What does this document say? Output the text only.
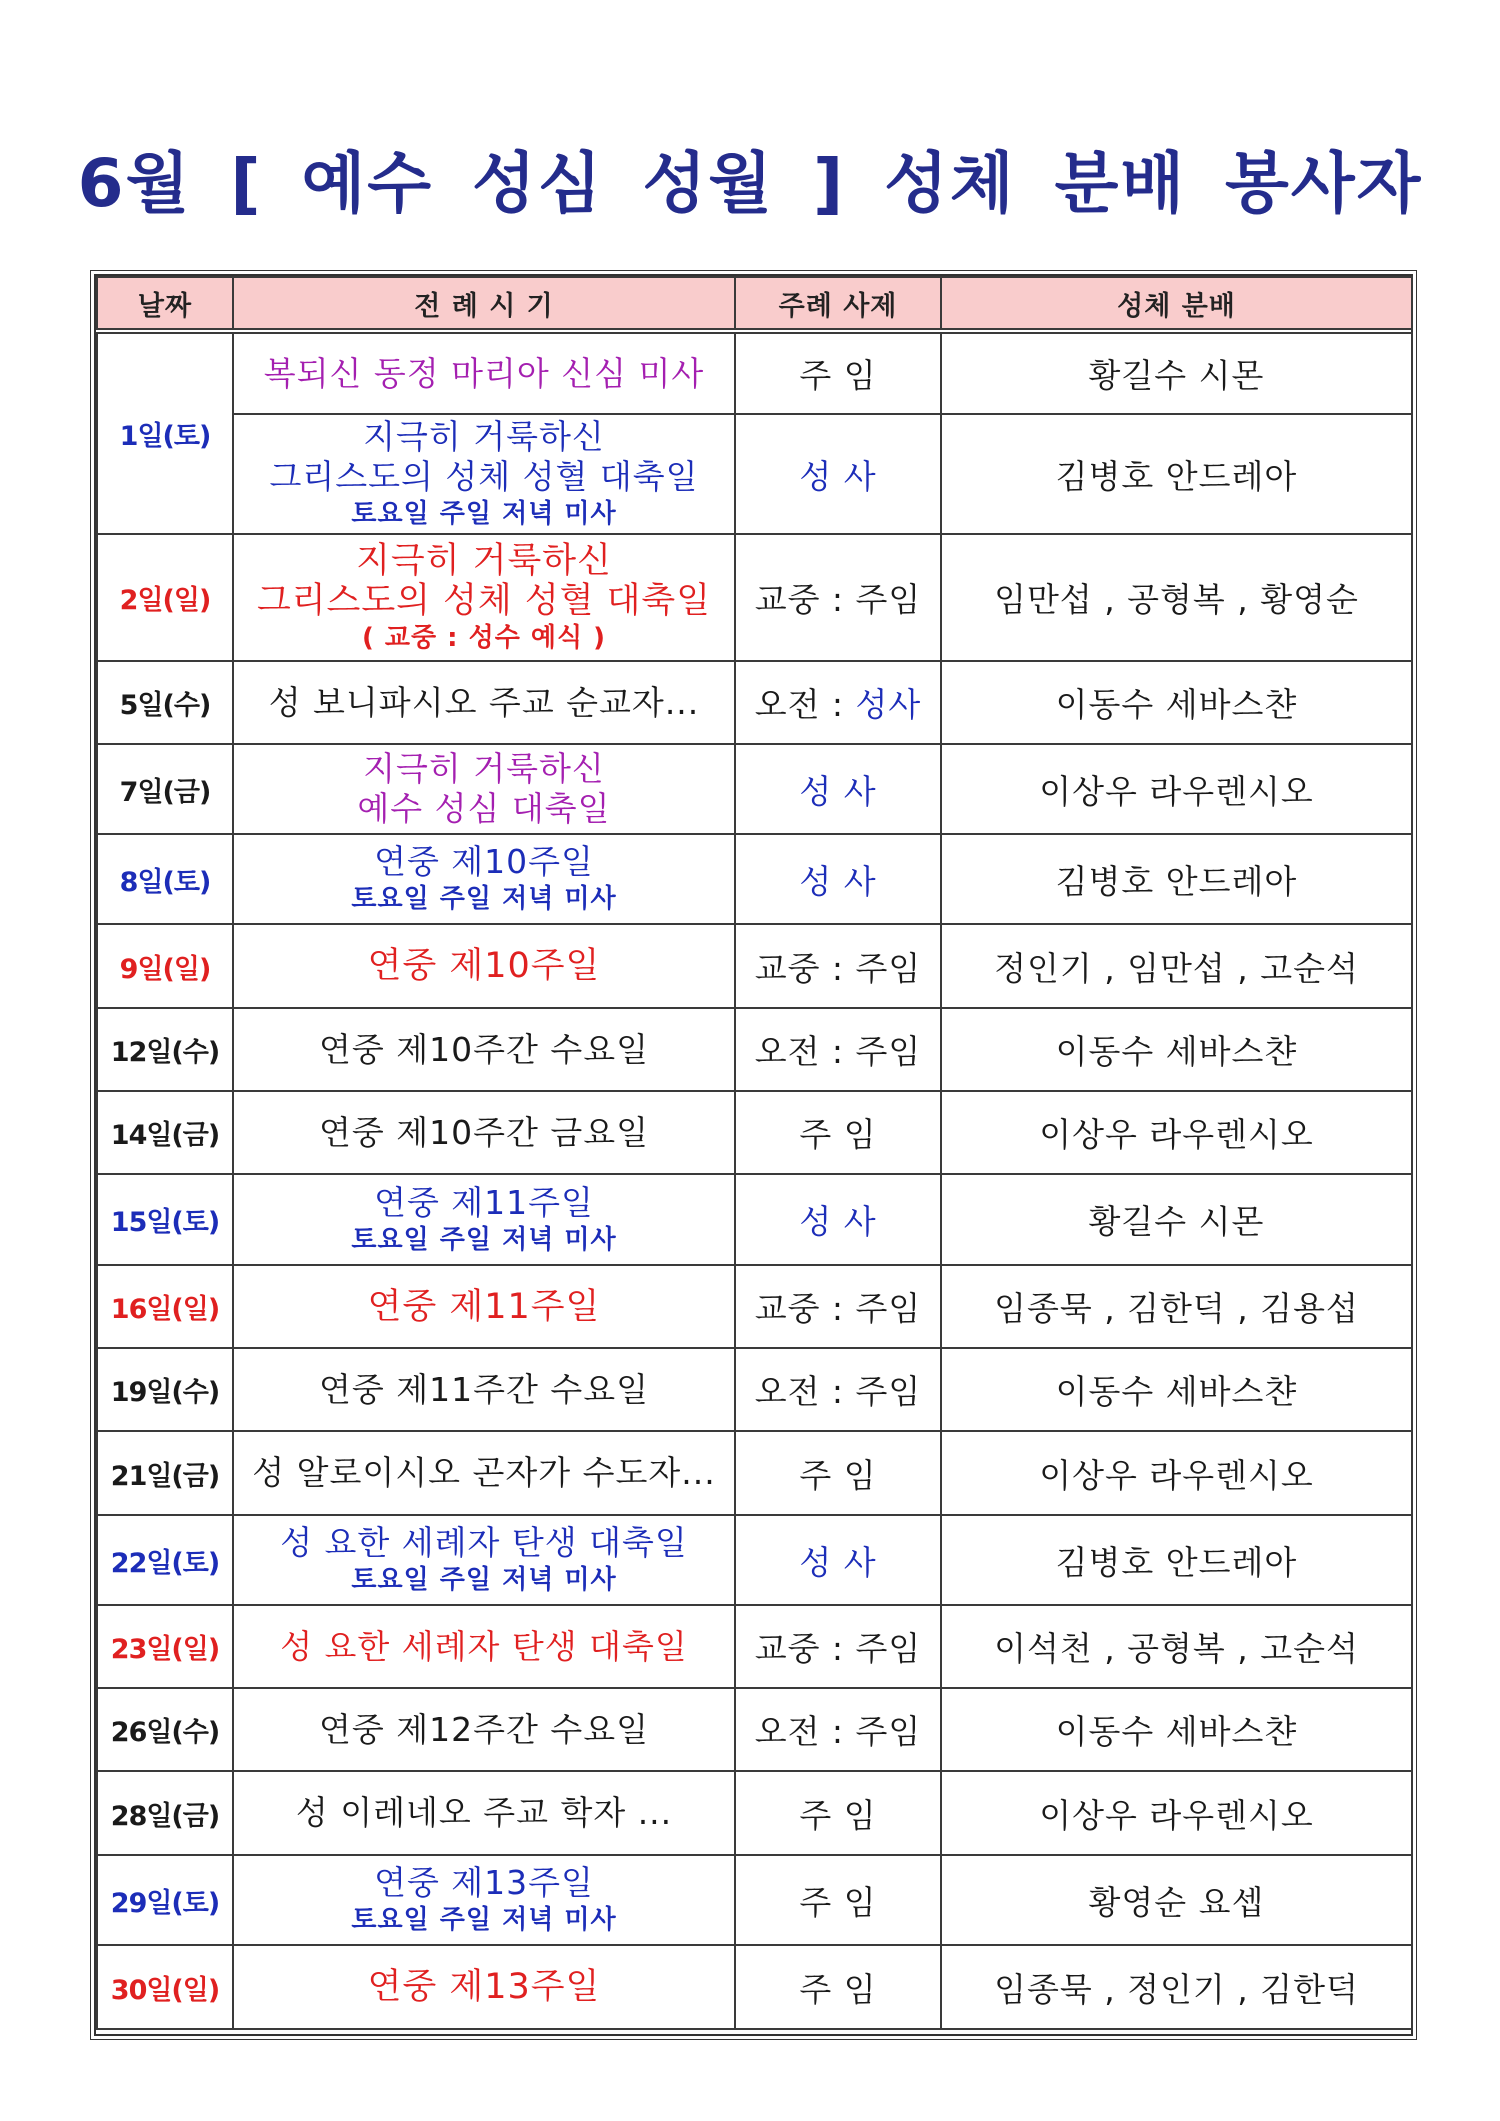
6월 [ 예수 성심 성월 ] 성체 분배 봉사자
날짜	전 례 시 기	주례 사제	성체 분배
1일(토)	복되신 동정 마리아 신심 미사	주 임	황길수 시몬

	지극히 거룩하신
그리스도의 성체 성혈 대축일
토요일 주일 저녁 미사	성 사	김병호 안드레아
2일(일)	지극히 거룩하신
그리스도의 성체 성혈 대축일
( 교중 : 성수 예식 )	교중 : 주임	임만섭 , 공형복 , 황영순
5일(수)	성 보니파시오 주교 순교자...	오전 : 성사	이동수 세바스챤
7일(금)	지극히 거룩하신
예수 성심 대축일	성 사	이상우 라우렌시오
8일(토)	연중 제10주일
토요일 주일 저녁 미사	성 사	김병호 안드레아
9일(일)	연중 제10주일	교중 : 주임	정인기 , 임만섭 , 고순석
12일(수)	연중 제10주간 수요일	오전 : 주임	이동수 세바스챤
14일(금)	연중 제10주간 금요일	주 임	이상우 라우렌시오
15일(토)	연중 제11주일
토요일 주일 저녁 미사	성 사	황길수 시몬
16일(일)	연중 제11주일	교중 : 주임	임종묵 , 김한덕 , 김용섭
19일(수)	연중 제11주간 수요일	오전 : 주임	이동수 세바스챤
21일(금)	성 알로이시오 곤자가 수도자...	주 임	이상우 라우렌시오
22일(토)	성 요한 세례자 탄생 대축일
토요일 주일 저녁 미사	성 사	김병호 안드레아
23일(일)	성 요한 세례자 탄생 대축일	교중 : 주임	이석천 , 공형복 , 고순석
26일(수)	연중 제12주간 수요일	오전 : 주임	이동수 세바스챤
28일(금)	성 이레네오 주교 학자 ...	주 임	이상우 라우렌시오
29일(토)	연중 제13주일
토요일 주일 저녁 미사	주 임	황영순 요셉
30일(일)	연중 제13주일	주 임	임종묵 , 정인기 , 김한덕
